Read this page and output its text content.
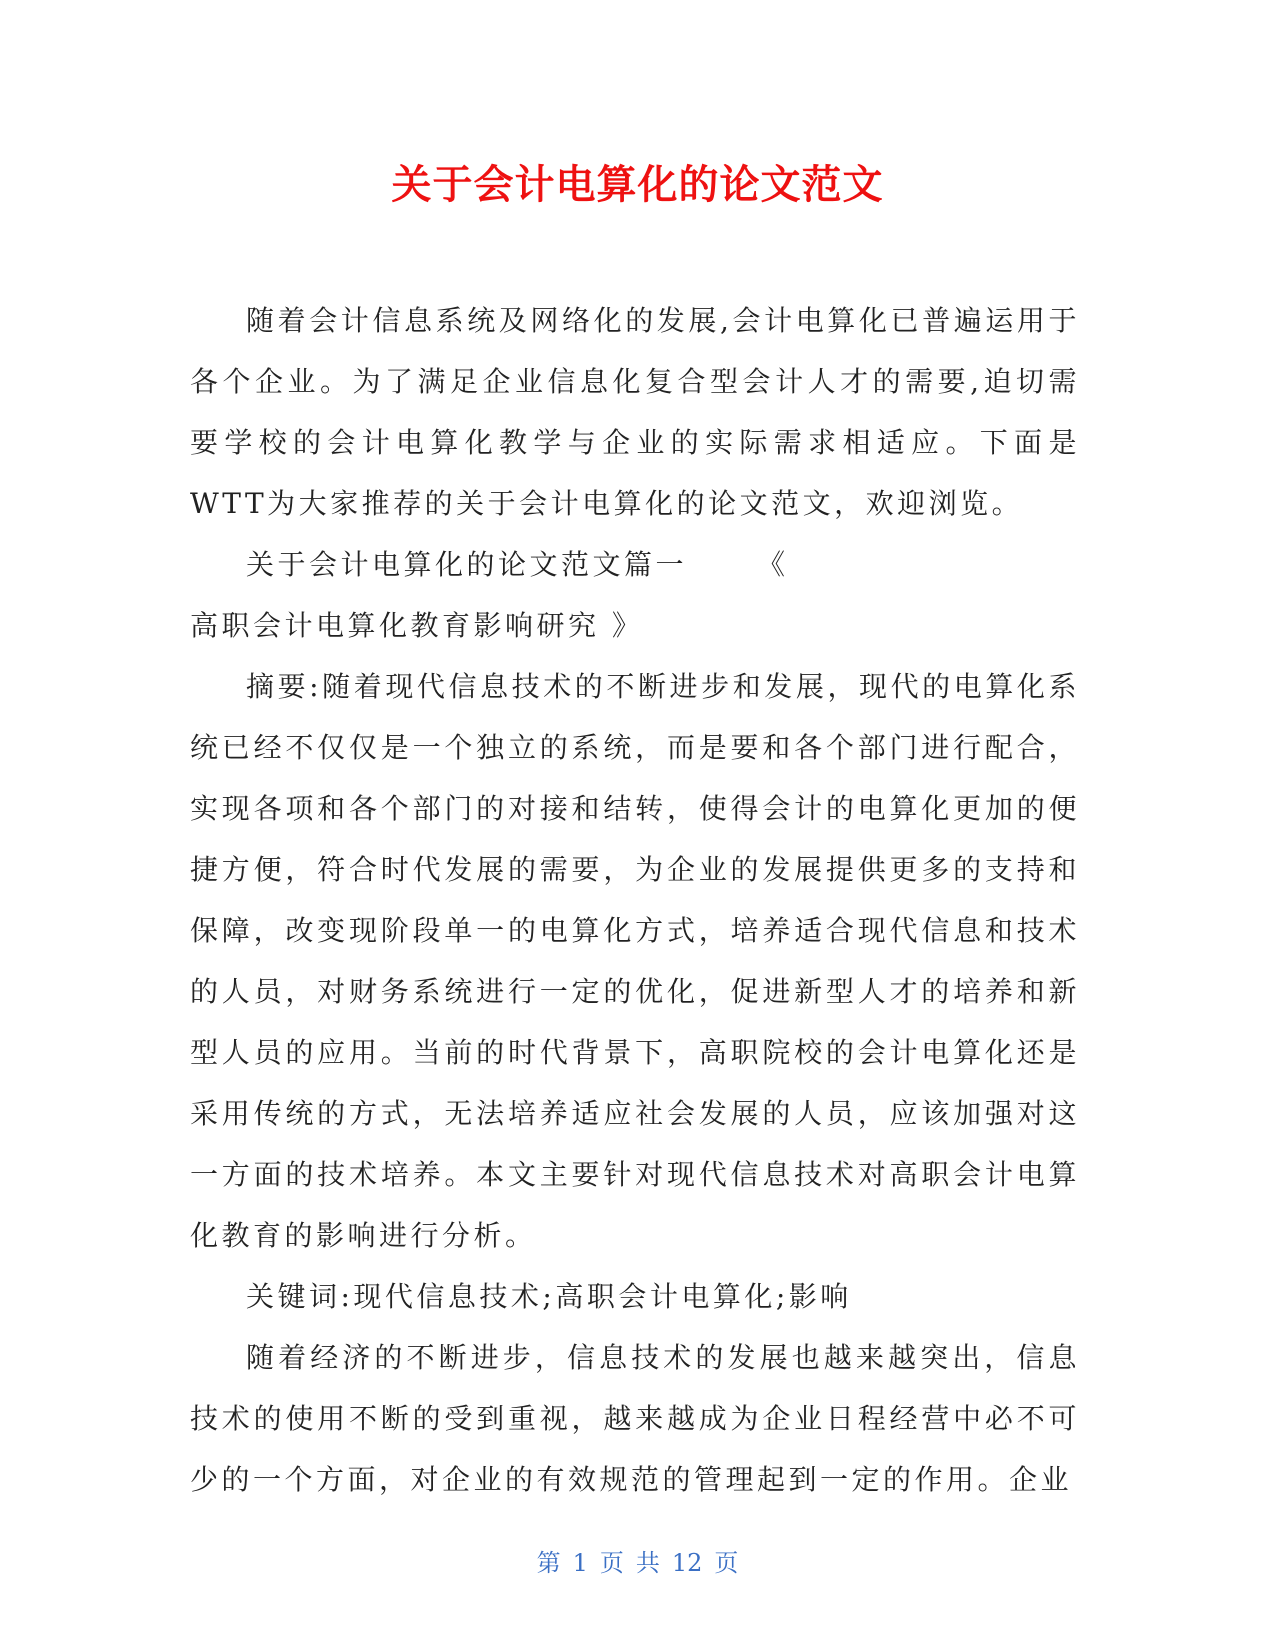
关于会计电算化的论文范文

随着会计信息系统及网络化的发展,会计电算化已普遍运用于各个企业。为了满足企业信息化复合型会计人才的需要,迫切需要学校的会计电算化教学与企业的实际需求相适应。下面是WTT为大家推荐的关于会计电算化的论文范文，欢迎浏览。

关于会计电算化的论文范文篇一	《

高职会计电算化教育影响研究 》

摘要:随着现代信息技术的不断进步和发展，现代的电算化系统已经不仅仅是一个独立的系统，而是要和各个部门进行配合，实现各项和各个部门的对接和结转，使得会计的电算化更加的便捷方便，符合时代发展的需要，为企业的发展提供更多的支持和保障，改变现阶段单一的电算化方式，培养适合现代信息和技术的人员，对财务系统进行一定的优化，促进新型人才的培养和新型人员的应用。当前的时代背景下，高职院校的会计电算化还是采用传统的方式，无法培养适应社会发展的人员，应该加强对这一方面的技术培养。本文主要针对现代信息技术对高职会计电算化教育的影响进行分析。

关键词:现代信息技术;高职会计电算化;影响

随着经济的不断进步，信息技术的发展也越来越突出，信息技术的使用不断的受到重视，越来越成为企业日程经营中必不可少的一个方面，对企业的有效规范的管理起到一定的作用。企业

第 1 页 共 12 页
